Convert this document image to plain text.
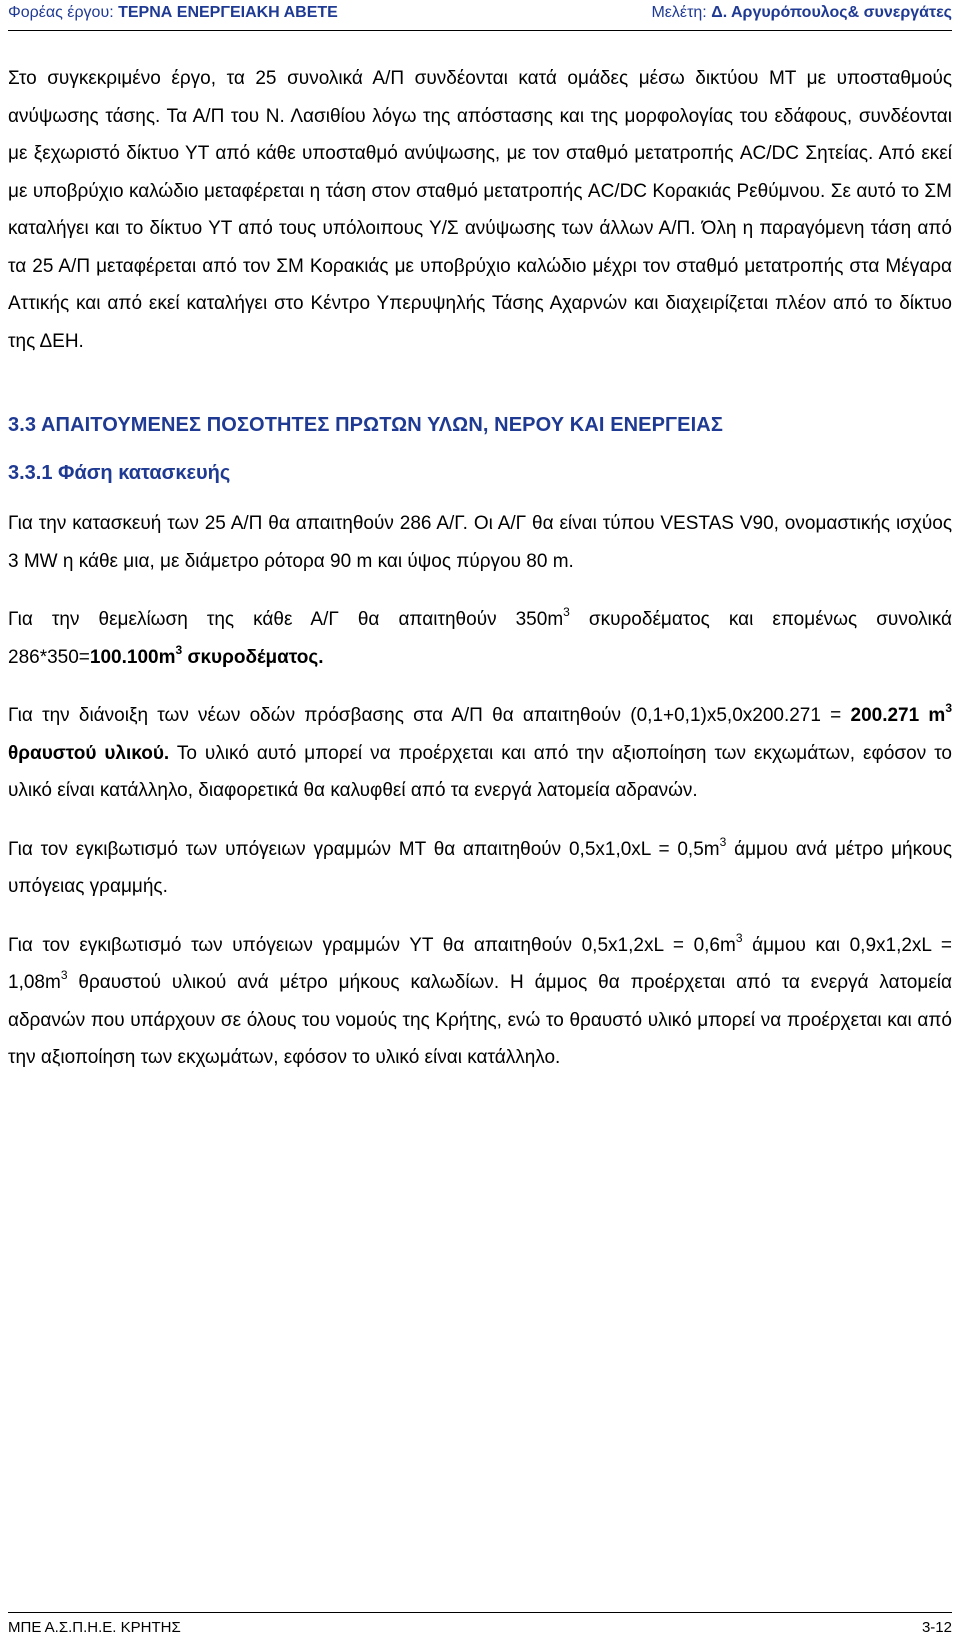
Φορέας έργου: ΤΕΡΝΑ ΕΝΕΡΓΕΙΑΚΗ ΑΒΕΤΕ	Μελέτη: Δ. Αργυρόπουλος& συνεργάτες

Στο συγκεκριμένο έργο, τα 25 συνολικά Α/Π συνδέονται κατά ομάδες μέσω δικτύου ΜΤ με υποσταθμούς ανύψωσης τάσης. Τα Α/Π του Ν. Λασιθίου λόγω της απόστασης και της μορφολογίας του εδάφους, συνδέονται με ξεχωριστό δίκτυο ΥΤ από κάθε υποσταθμό ανύψωσης, με τον σταθμό μετατροπής AC/DC Σητείας. Από εκεί με υποβρύχιο καλώδιο μεταφέρεται η τάση στον σταθμό μετατροπής AC/DC Κορακιάς Ρεθύμνου. Σε αυτό το ΣΜ καταλήγει και το δίκτυο ΥΤ από τους υπόλοιπους Υ/Σ ανύψωσης των άλλων Α/Π. Όλη η παραγόμενη τάση από τα 25 Α/Π μεταφέρεται από τον ΣΜ Κορακιάς με υποβρύχιο καλώδιο μέχρι τον σταθμό μετατροπής στα Μέγαρα Αττικής και από εκεί καταλήγει στο Κέντρο Υπερυψηλής Τάσης Αχαρνών και διαχειρίζεται πλέον από το δίκτυο της ΔΕΗ.

3.3 ΑΠΑΙΤΟΥΜΕΝΕΣ ΠΟΣΟΤΗΤΕΣ ΠΡΩΤΩΝ ΥΛΩΝ, ΝΕΡΟΥ ΚΑΙ ΕΝΕΡΓΕΙΑΣ
3.3.1 Φάση κατασκευής

Για την κατασκευή των 25 Α/Π θα απαιτηθούν 286 Α/Γ. Οι Α/Γ θα είναι τύπου VESTAS V90, ονομαστικής ισχύος 3 MW η κάθε μια, με διάμετρο ρότορα 90 m και ύψος πύργου 80 m.

Για την θεμελίωση της κάθε Α/Γ θα απαιτηθούν $350m^3$ σκυροδέματος και επομένως συνολικά $286*350=100.100m^3$ σκυροδέματος.

Για την διάνοιξη των νέων οδών πρόσβασης στα Α/Π θα απαιτηθούν (0,1+0,1)x5,0x200.271 = 200.271 $m^3$ θραυστού υλικού. Το υλικό αυτό μπορεί να προέρχεται και από την αξιοποίηση των εκχωμάτων, εφόσον το υλικό είναι κατάλληλο, διαφορετικά θα καλυφθεί από τα ενεργά λατομεία αδρανών.

Για τον εγκιβωτισμό των υπόγειων γραμμών ΜΤ θα απαιτηθούν $0,5x1,0xL = 0,5m^3$ άμμου ανά μέτρο μήκους υπόγειας γραμμής.

Για τον εγκιβωτισμό των υπόγειων γραμμών ΥΤ θα απαιτηθούν $0,5x1,2xL = 0,6m^3$ άμμου και $0,9x1,2xL = 1,08m^3$ θραυστού υλικού ανά μέτρο μήκους καλωδίων. Η άμμος θα προέρχεται από τα ενεργά λατομεία αδρανών που υπάρχουν σε όλους του νομούς της Κρήτης, ενώ το θραυστό υλικό μπορεί να προέρχεται και από την αξιοποίηση των εκχωμάτων, εφόσον το υλικό είναι κατάλληλο.

ΜΠΕ Α.Σ.Π.Η.Ε. ΚΡΗΤΗΣ	3-12
